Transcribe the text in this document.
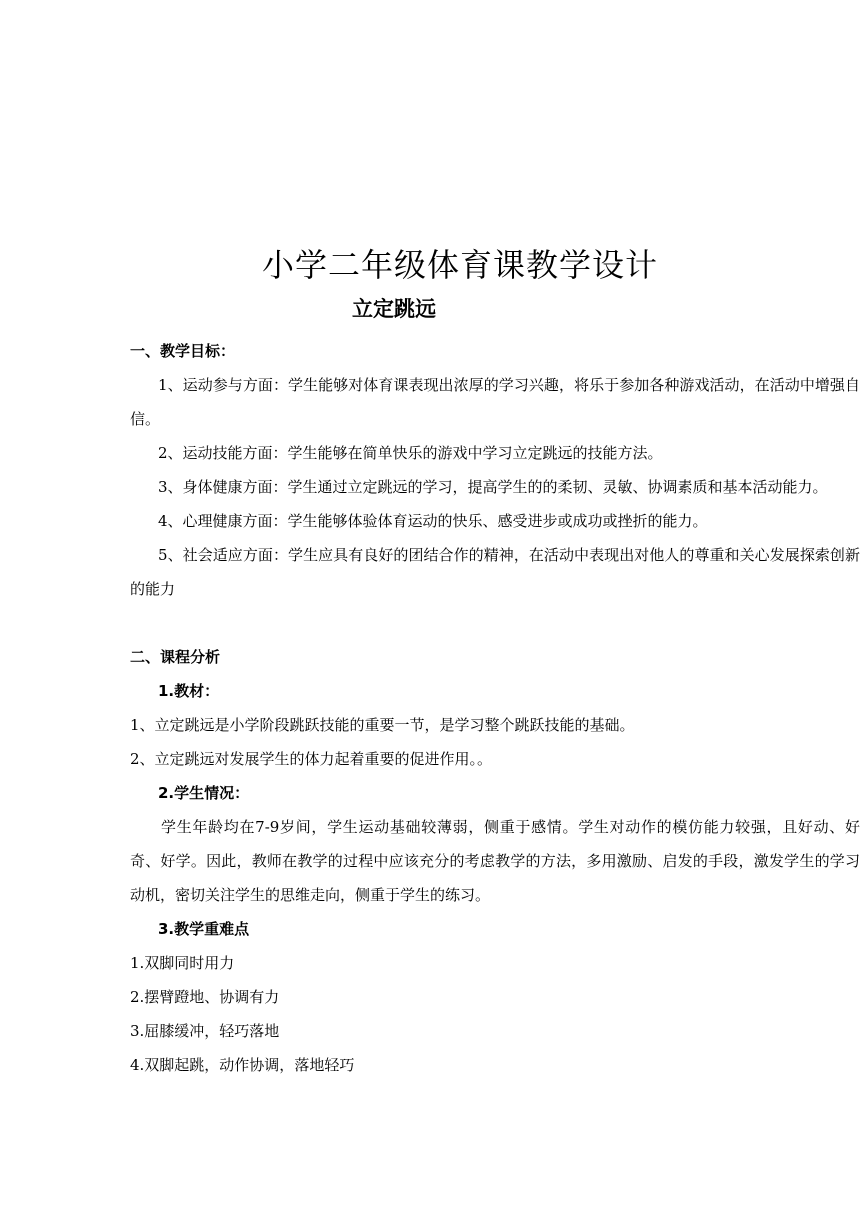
小学二年级体育课教学设计
立定跳远
一、教学目标：
1、运动参与方面：学生能够对体育课表现出浓厚的学习兴趣，将乐于参加各种游戏活动，在活动中增强自信。
2、运动技能方面：学生能够在简单快乐的游戏中学习立定跳远的技能方法。
3、身体健康方面：学生通过立定跳远的学习，提高学生的的柔韧、灵敏、协调素质和基本活动能力。
4、心理健康方面：学生能够体验体育运动的快乐、感受进步或成功或挫折的能力。
5、社会适应方面：学生应具有良好的团结合作的精神，在活动中表现出对他人的尊重和关心发展探索创新的能力
二、课程分析
1.教材：
1、立定跳远是小学阶段跳跃技能的重要一节，是学习整个跳跃技能的基础。
2、立定跳远对发展学生的体力起着重要的促进作用。。
2.学生情况：
学生年龄均在7-9岁间，学生运动基础较薄弱，侧重于感情。学生对动作的模仿能力较强，且好动、好奇、好学。因此，教师在教学的过程中应该充分的考虑教学的方法，多用激励、启发的手段，激发学生的学习动机，密切关注学生的思维走向，侧重于学生的练习。
3.教学重难点
1.双脚同时用力
2.摆臂蹬地、协调有力
3.屈膝缓冲，轻巧落地
4.双脚起跳，动作协调，落地轻巧
